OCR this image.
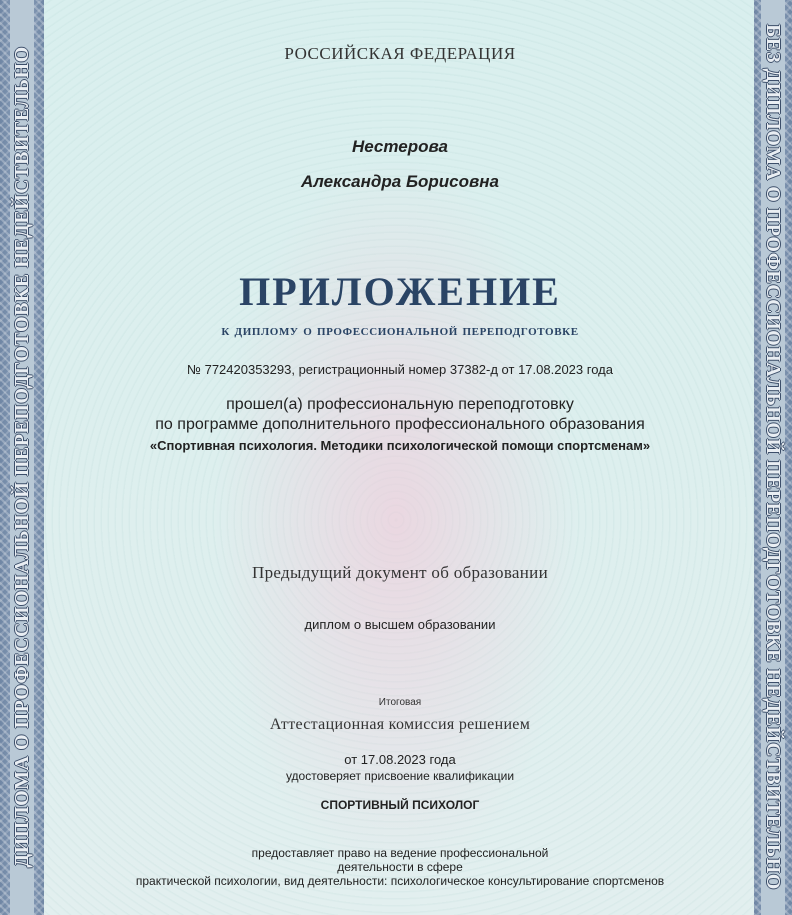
ДИПЛОМА О ПРОФЕССИОНАЛЬНОЙ ПЕРЕПОДГОТОВКЕ НЕДЕЙСТВИТЕЛЬНО	БЕЗ ДИПЛОМА О ПРОФЕССИОНАЛЬНОЙ ПЕРЕПОДГОТОВКЕ НЕДЕЙСТВИТЕЛЬНО
РОССИЙСКАЯ ФЕДЕРАЦИЯ
Нестерова
Александра Борисовна
ПРИЛОЖЕНИЕ
к диплому о профессиональной переподготовке
№ 772420353293, регистрационный номер 37382-д от 17.08.2023 года
прошел(а) профессиональную переподготовку
по программе дополнительного профессионального образования
«Спортивная психология. Методики психологической помощи спортсменам»
Предыдущий документ об образовании
диплом о высшем образовании
Итоговая
Аттестационная комиссия решением
от 17.08.2023 года
удостоверяет присвоение квалификации
СПОРТИВНЫЙ ПСИХОЛОГ
предоставляет право на ведение профессиональной
деятельности в сфере
практической психологии, вид деятельности: психологическое консультирование спортсменов
